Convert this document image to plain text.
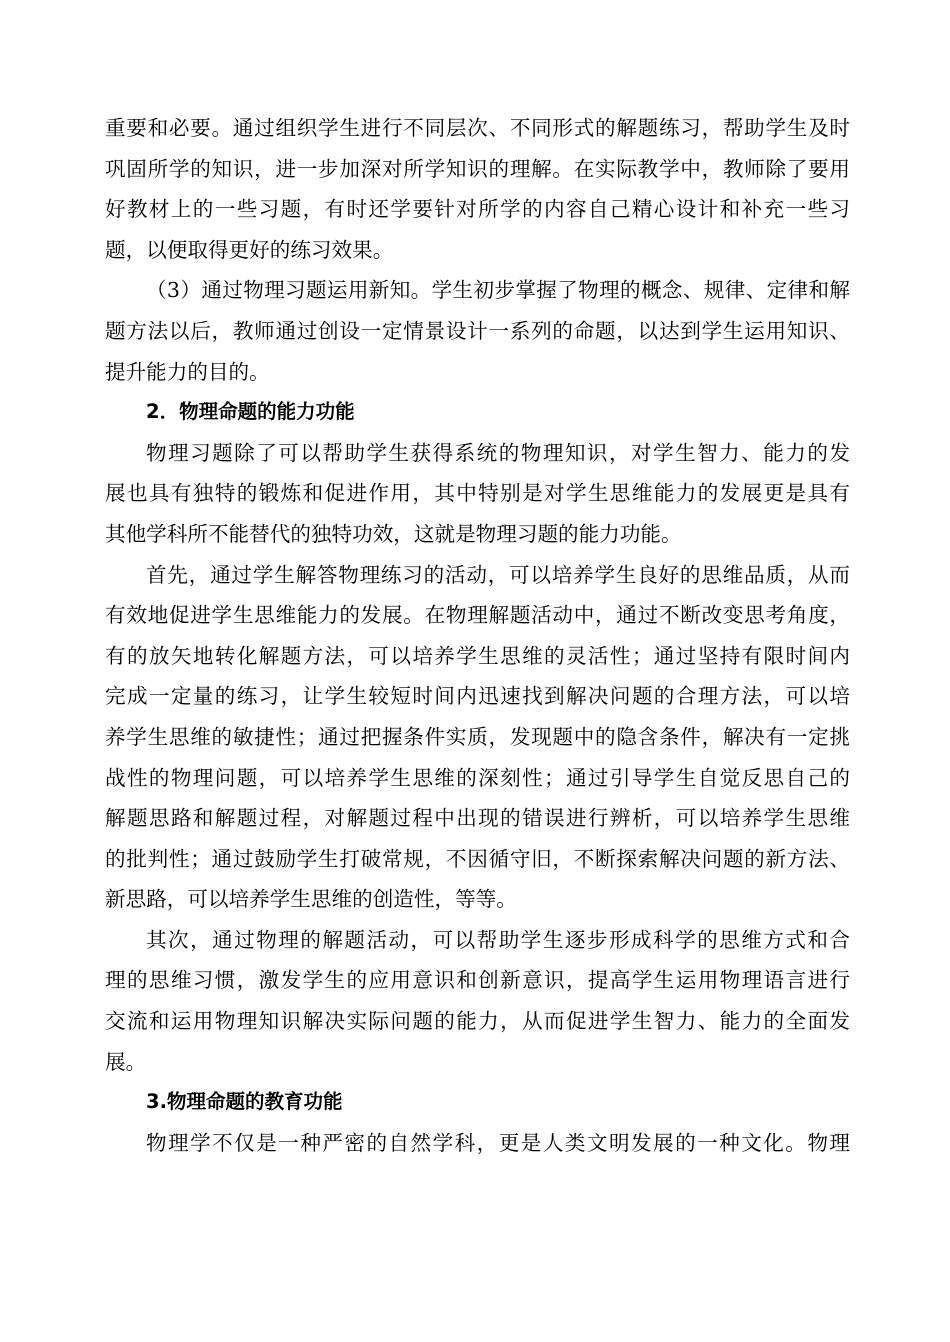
重要和必要。通过组织学生进行不同层次、不同形式的解题练习，帮助学生及时
巩固所学的知识，进一步加深对所学知识的理解。在实际教学中，教师除了要用
好教材上的一些习题，有时还学要针对所学的内容自己精心设计和补充一些习
题，以便取得更好的练习效果。
（3）通过物理习题运用新知。学生初步掌握了物理的概念、规律、定律和解
题方法以后，教师通过创设一定情景设计一系列的命题，以达到学生运用知识、
提升能力的目的。
2．物理命题的能力功能
物理习题除了可以帮助学生获得系统的物理知识，对学生智力、能力的发
展也具有独特的锻炼和促进作用，其中特别是对学生思维能力的发展更是具有
其他学科所不能替代的独特功效，这就是物理习题的能力功能。
首先，通过学生解答物理练习的活动，可以培养学生良好的思维品质，从而
有效地促进学生思维能力的发展。在物理解题活动中，通过不断改变思考角度，
有的放矢地转化解题方法，可以培养学生思维的灵活性；通过坚持有限时间内
完成一定量的练习，让学生较短时间内迅速找到解决问题的合理方法，可以培
养学生思维的敏捷性；通过把握条件实质，发现题中的隐含条件，解决有一定挑
战性的物理问题，可以培养学生思维的深刻性；通过引导学生自觉反思自己的
解题思路和解题过程，对解题过程中出现的错误进行辨析，可以培养学生思维
的批判性；通过鼓励学生打破常规，不因循守旧，不断探索解决问题的新方法、
新思路，可以培养学生思维的创造性，等等。
其次，通过物理的解题活动，可以帮助学生逐步形成科学的思维方式和合
理的思维习惯，激发学生的应用意识和创新意识，提高学生运用物理语言进行
交流和运用物理知识解决实际问题的能力，从而促进学生智力、能力的全面发
展。
3.物理命题的教育功能
物理学不仅是一种严密的自然学科，更是人类文明发展的一种文化。物理
